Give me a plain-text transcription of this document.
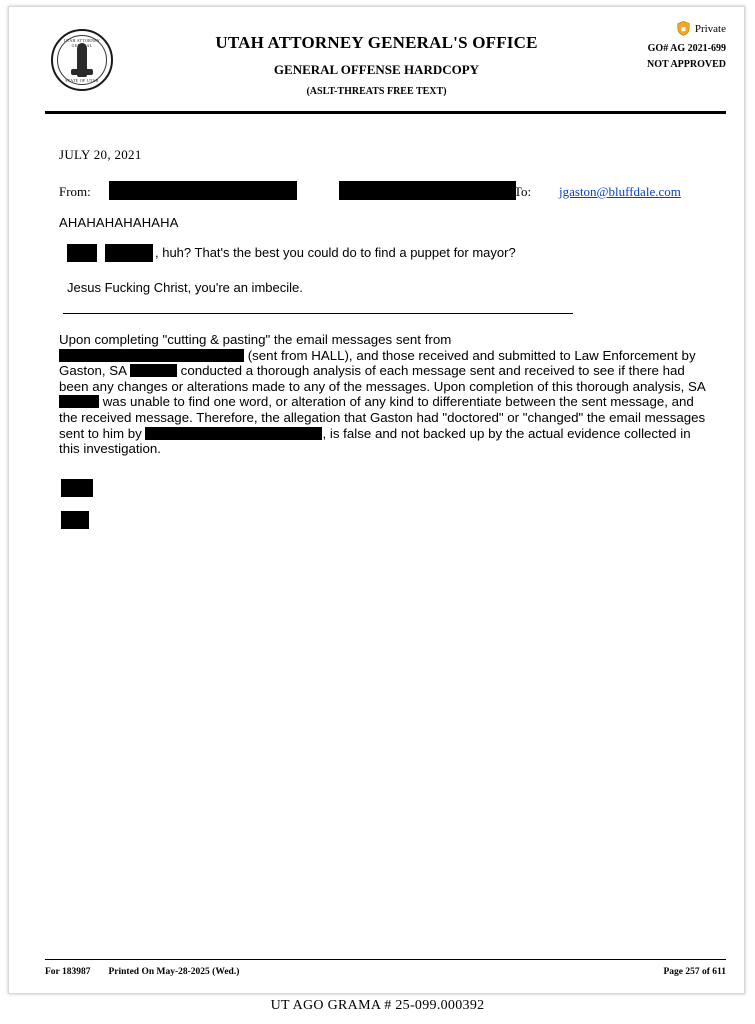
UTAH ATTORNEY GENERAL
STATE OF UTAH
UTAH ATTORNEY GENERAL'S OFFICE
GENERAL OFFENSE HARDCOPY
(ASLT-THREATS FREE TEXT)
Private
GO# AG 2021-699
NOT APPROVED
JULY 20, 2021
From:	To: jgaston@bluffdale.com
AHAHAHAHAHAHA
, huh? That's the best you could do to find a puppet for mayor?
Jesus Fucking Christ, you're an imbecile.
Upon completing "cutting & pasting" the email messages sent from
(sent from HALL), and those received and submitted to Law Enforcement by Gaston, SA	conducted a thorough analysis of each message sent and received to see if there had been any changes or alterations made to any of the messages. Upon completion of this thorough analysis, SA  was unable to find one word, or alteration of any kind to differentiate between the sent message, and the received message. Therefore, the allegation that Gaston had "doctored" or "changed" the email messages sent to him by	, is false and not backed up by the actual evidence collected in this investigation.
For 183987 Printed On May-28-2025 (Wed.)	Page 257 of 611
UT AGO GRAMA # 25-099.000392
